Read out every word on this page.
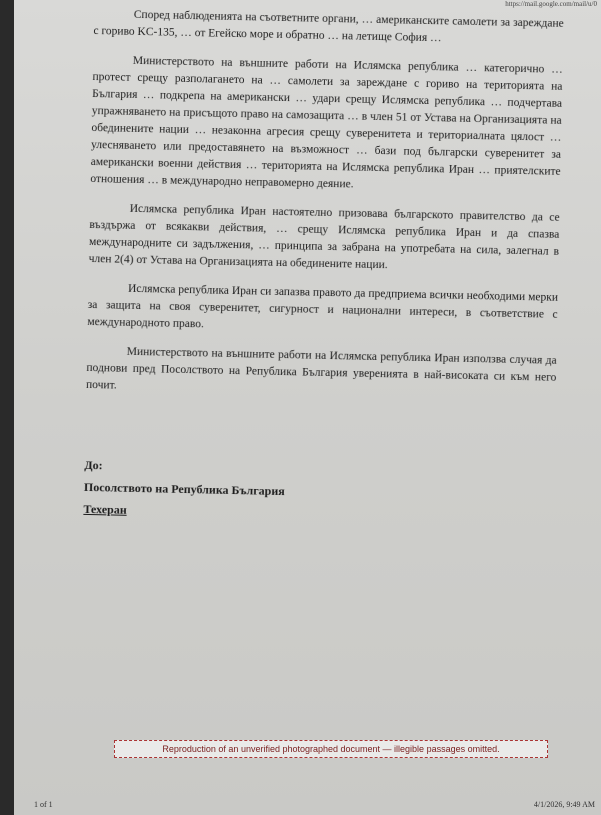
https://mail.google.com/mail/u/0

Според наблюденията на съответните органи, … американските самолети за зареждане с гориво KC-135, … от Егейско море и обратно … на летище София …

Министерството на външните работи на Ислямска република … категорично … протест срещу разполагането на … самолети за зареждане с гориво на територията на България … подкрепа на американски … удари срещу Ислямска република … подчертава упражняването на присъщото право на самозащита … в член 51 от Устава на Организацията на обединените нации … незаконна агресия срещу суверенитета и териториалната цялост … улесняването или предоставянето на възможност … бази под български суверенитет за американски военни действия … територията на Ислямска република Иран … приятелските отношения … в международно неправомерно деяние.

Ислямска република Иран настоятелно призовава българското правителство да се въздържа от всякакви действия, … срещу Ислямска република Иран и да спазва международните си задължения, … принципа за забрана на употребата на сила, залегнал в член 2(4) от Устава на Организацията на обединените нации.

Ислямска република Иран си запазва правото да предприема всички необходими мерки за защита на своя суверенитет, сигурност и национални интереси, в съответствие с международното право.

Министерството на външните работи на Ислямска република Иран използва случая да поднови пред Посолството на Република България уверенията в най-високата си към него почит.

До:
Посолството на Република България
Техеран
Reproduction of an unverified photographed document — illegible passages omitted.
1 of 1	4/1/2026, 9:49 AM
